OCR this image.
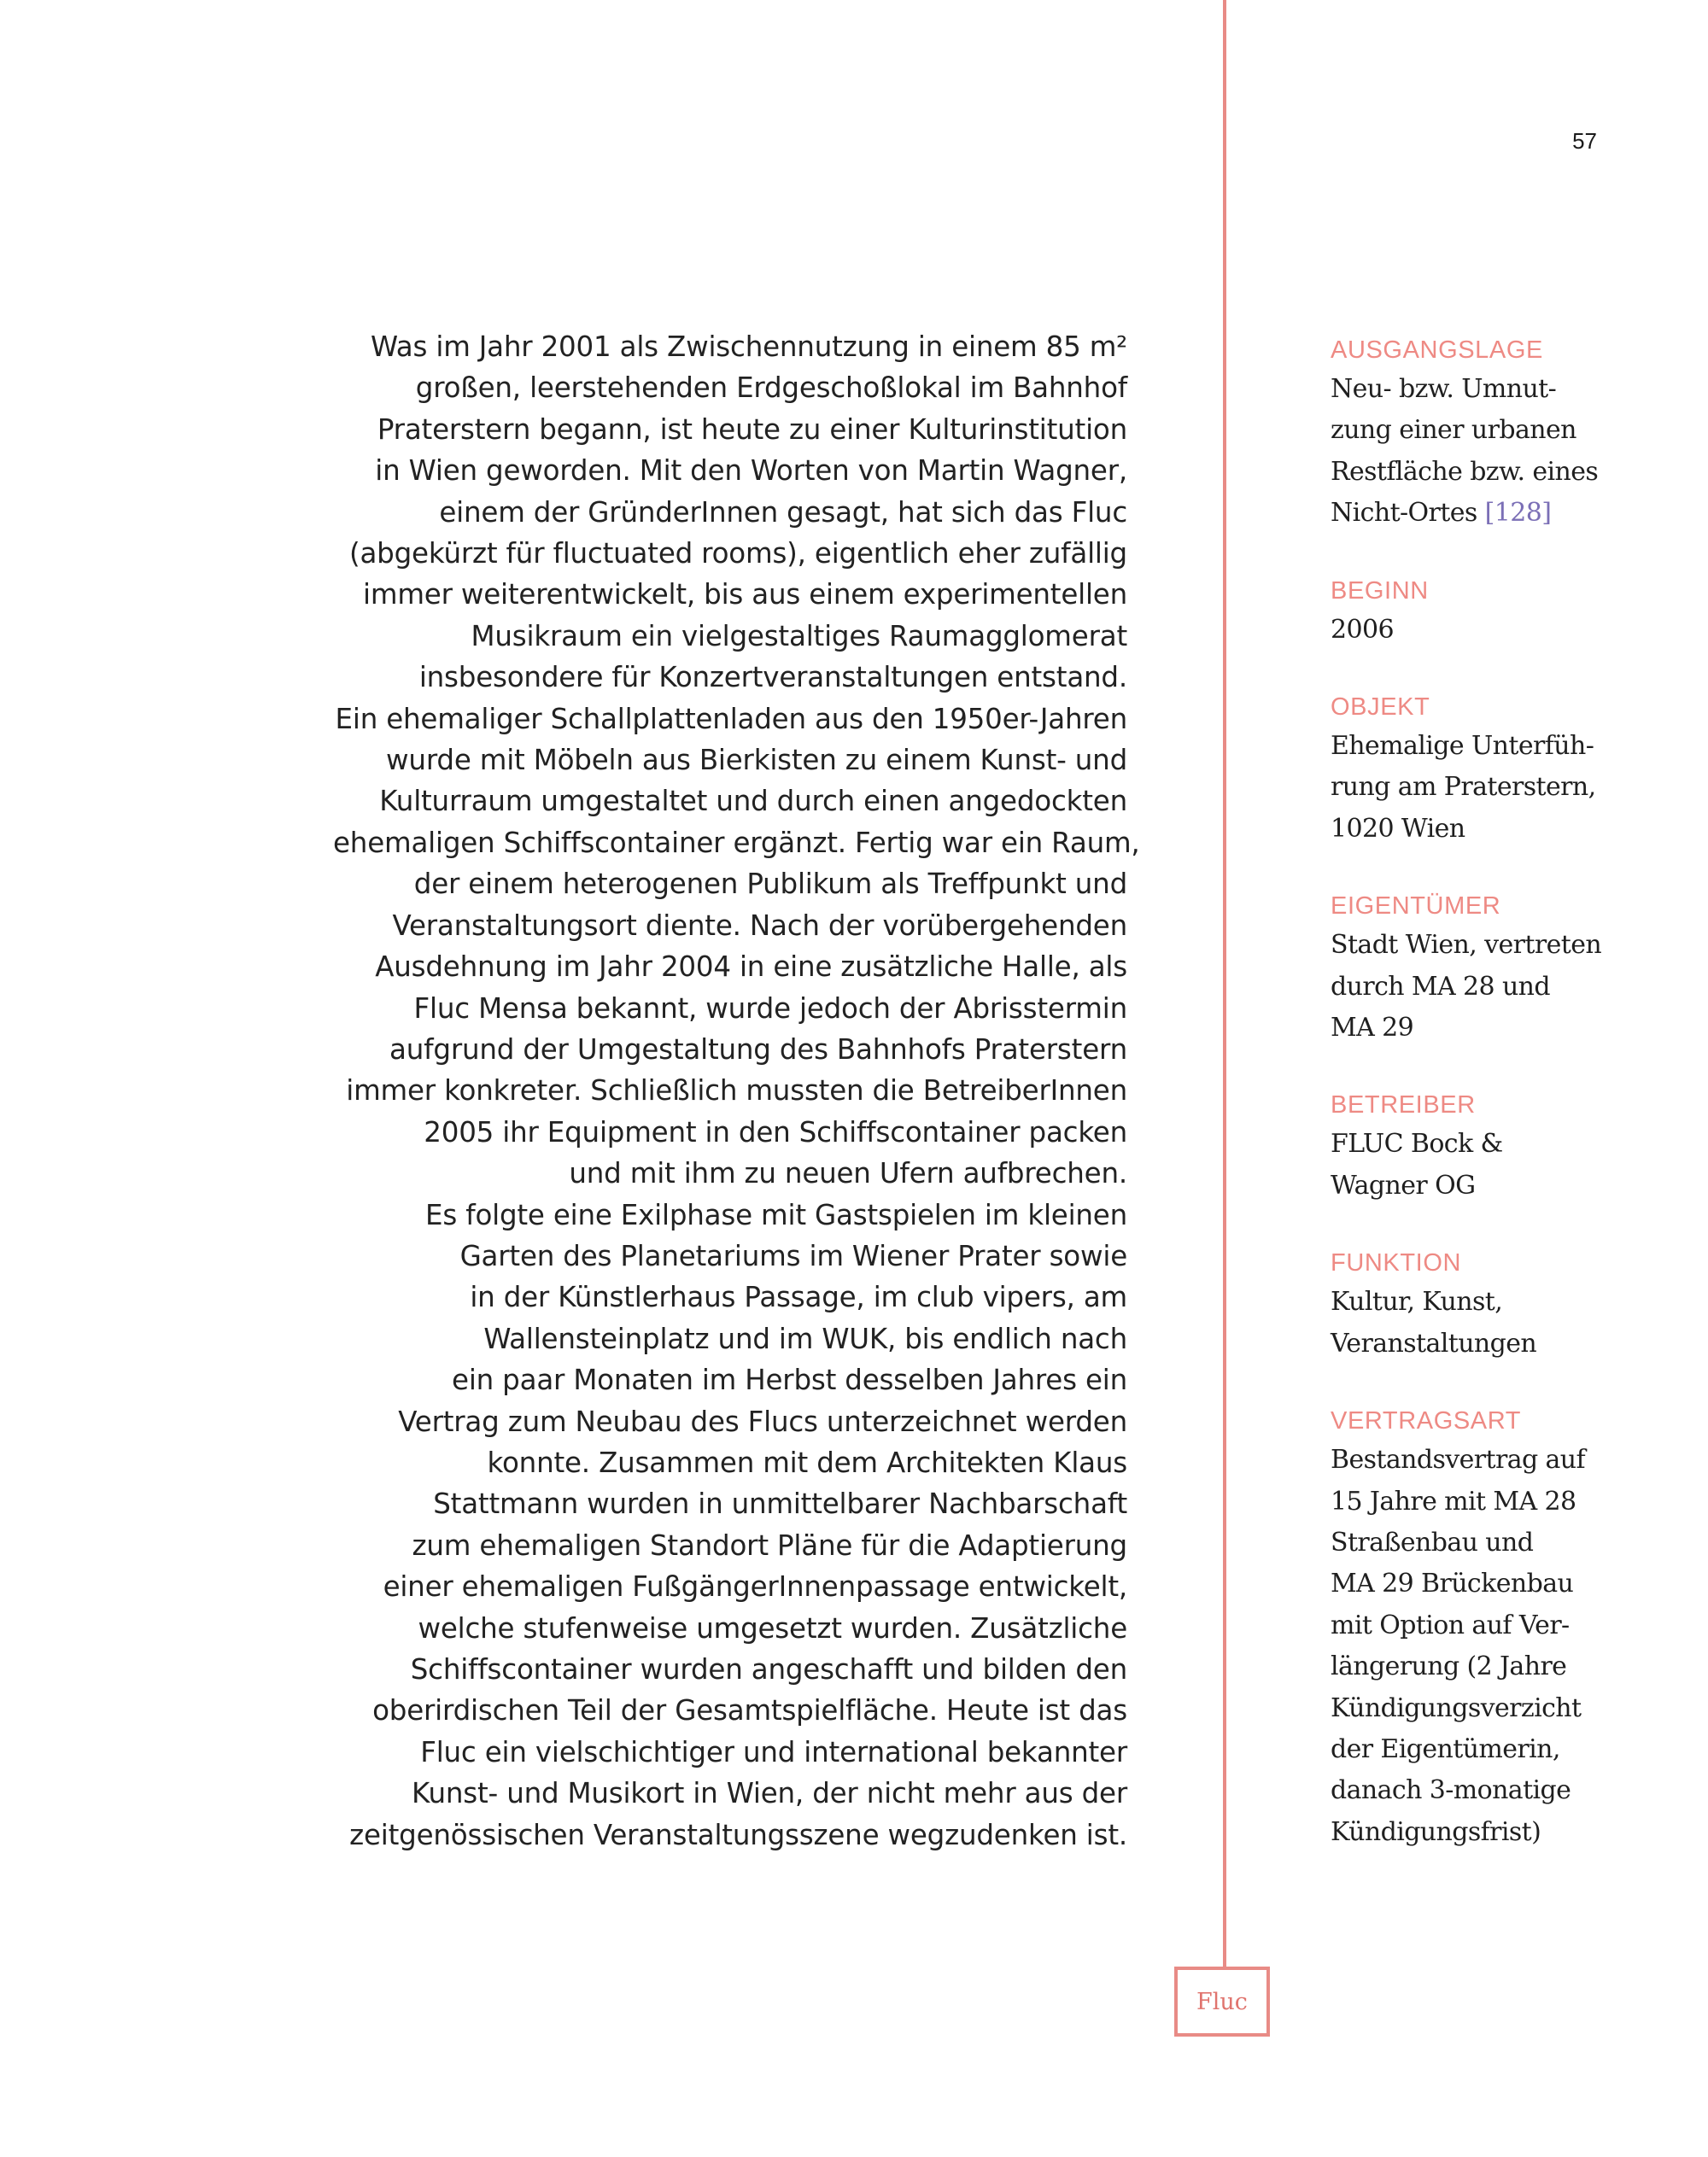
57
Fluc
Was im Jahr 2001 als Zwischennutzung in einem 85 m²
großen, leerstehenden Erdgeschoßlokal im Bahnhof
Praterstern begann, ist heute zu einer Kulturinstitution
in Wien geworden. Mit den Worten von Martin Wagner,
einem der GründerInnen gesagt, hat sich das Fluc
(abgekürzt für fluctuated rooms), eigentlich eher zufällig
immer weiterentwickelt, bis aus einem experimentellen
Musikraum ein vielgestaltiges Raumagglomerat
insbesondere für Konzertveranstaltungen entstand.
Ein ehemaliger Schallplattenladen aus den 1950er-Jahren
wurde mit Möbeln aus Bierkisten zu einem Kunst- und
Kulturraum umgestaltet und durch einen angedockten
ehemaligen Schiffscontainer ergänzt. Fertig war ein Raum,
der einem heterogenen Publikum als Treffpunkt und
Veranstaltungsort diente. Nach der vorübergehenden
Ausdehnung im Jahr 2004 in eine zusätzliche Halle, als
Fluc Mensa bekannt, wurde jedoch der Abrisstermin
aufgrund der Umgestaltung des Bahnhofs Praterstern
immer konkreter. Schließlich mussten die BetreiberInnen
2005 ihr Equipment in den Schiffscontainer packen
und mit ihm zu neuen Ufern aufbrechen.
Es folgte eine Exilphase mit Gastspielen im kleinen
Garten des Planetariums im Wiener Prater sowie
in der Künstlerhaus Passage, im club vipers, am
Wallensteinplatz und im WUK, bis endlich nach
ein paar Monaten im Herbst desselben Jahres ein
Vertrag zum Neubau des Flucs unterzeichnet werden
konnte. Zusammen mit dem Architekten Klaus
Stattmann wurden in unmittelbarer Nachbarschaft
zum ehemaligen Standort Pläne für die Adaptierung
einer ehemaligen FußgängerInnenpassage entwickelt,
welche stufenweise umgesetzt wurden. Zusätzliche
Schiffscontainer wurden angeschafft und bilden den
oberirdischen Teil der Gesamtspielfläche. Heute ist das
Fluc ein vielschichtiger und international bekannter
Kunst- und Musikort in Wien, der nicht mehr aus der
zeitgenössischen Veranstaltungsszene wegzudenken ist.
AUSGANGSLAGE
Neu- bzw. Umnut-
zung einer urbanen
Restfläche bzw. eines
Nicht-Ortes [128]
BEGINN
2006
OBJEKT
Ehemalige Unterfüh-
rung am Praterstern,
1020 Wien
EIGENTÜMER
Stadt Wien, vertreten
durch MA 28 und
MA 29
BETREIBER
FLUC Bock &
Wagner OG
FUNKTION
Kultur, Kunst,
Veranstaltungen
VERTRAGSART
Bestandsvertrag auf
15 Jahre mit MA 28
Straßenbau und
MA 29 Brückenbau
mit Option auf Ver-
längerung (2 Jahre
Kündigungsverzicht
der Eigentümerin,
danach 3-monatige
Kündigungsfrist)
